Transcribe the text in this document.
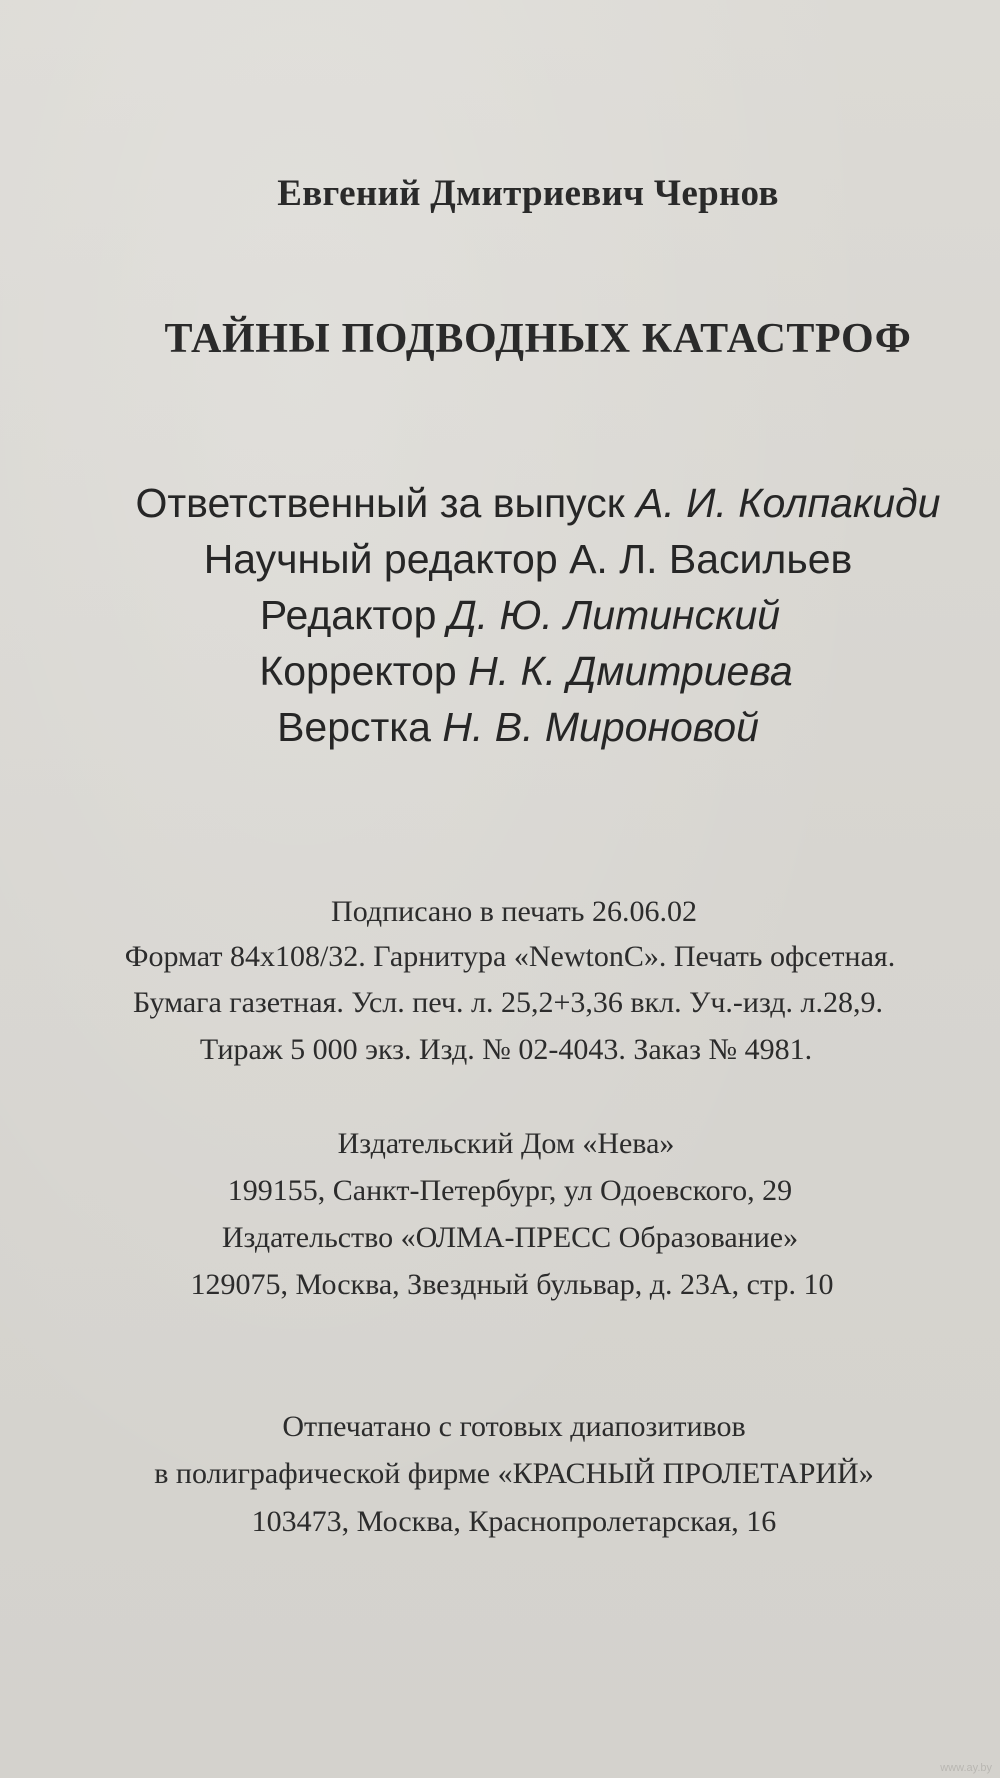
Евгений Дмитриевич Чернов
ТАЙНЫ ПОДВОДНЫХ КАТАСТРОФ
Ответственный за выпуск А. И. Колпакиди
Научный редактор А. Л. Васильев
Редактор Д. Ю. Литинский
Корректор Н. К. Дмитриева
Верстка Н. В. Мироновой
Подписано в печать 26.06.02
Формат 84х108/32. Гарнитура «NewtonC». Печать офсетная.
Бумага газетная. Усл. печ. л. 25,2+3,36 вкл. Уч.-изд. л.28,9.
Тираж 5 000 экз. Изд. № 02-4043. Заказ № 4981.
Издательский Дом «Нева»
199155, Санкт-Петербург, ул Одоевского, 29
Издательство «ОЛМА-ПРЕСС Образование»
129075, Москва, Звездный бульвар, д. 23А, стр. 10
Отпечатано с готовых диапозитивов
в полиграфической фирме «КРАСНЫЙ ПРОЛЕТАРИЙ»
103473, Москва, Краснопролетарская, 16
www.ay.by
